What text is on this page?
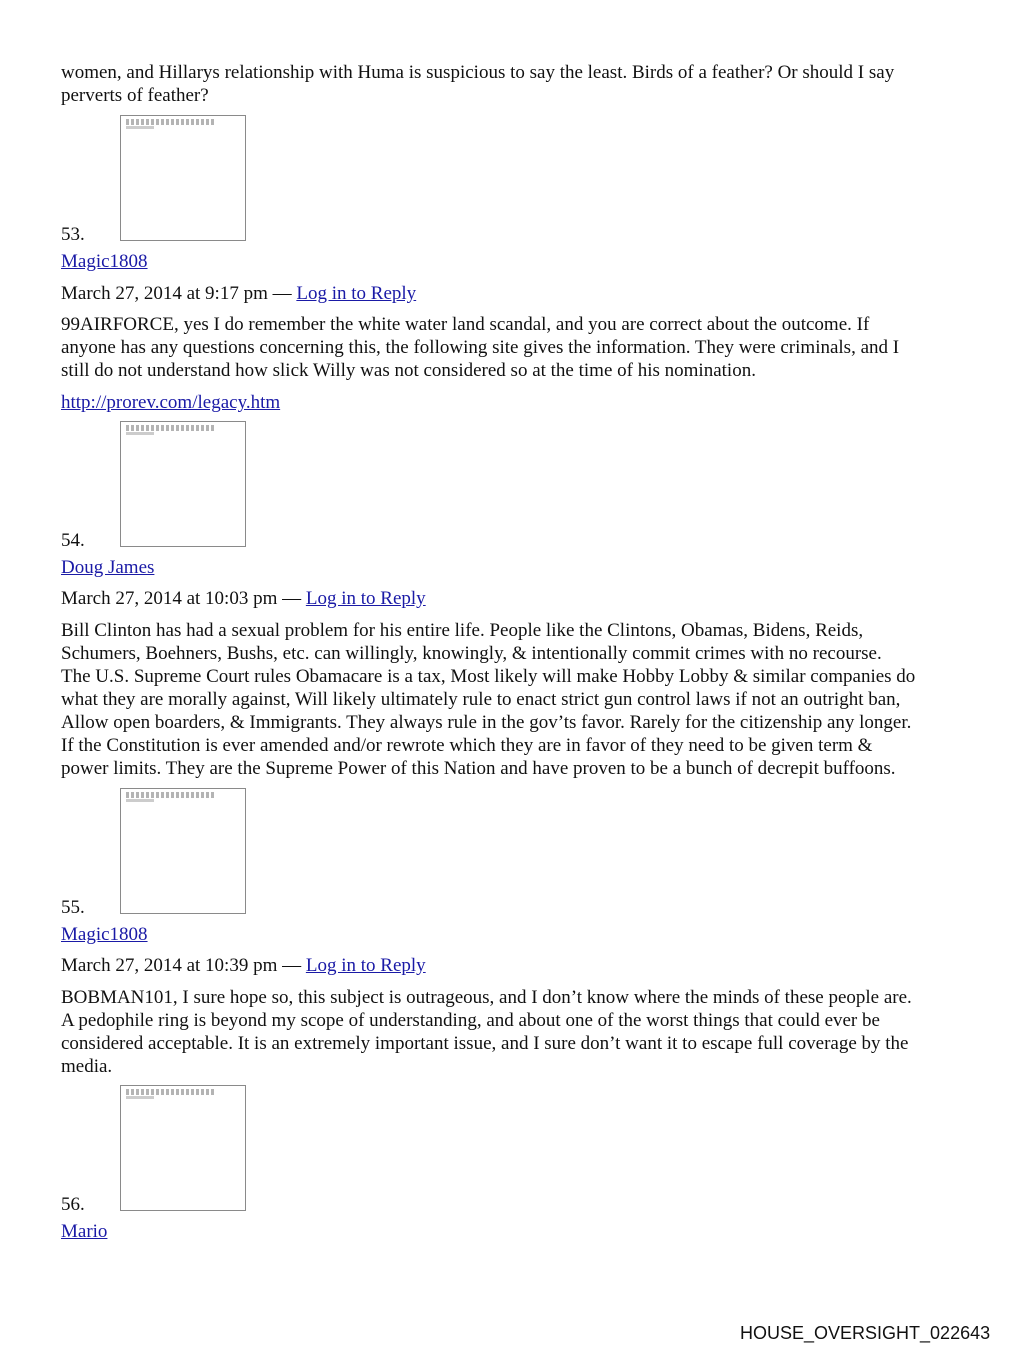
women, and Hillarys relationship with Huma is suspicious to say the least. Birds of a feather? Or should I say
perverts of feather?
53.
Magic1808
March 27, 2014 at 9:17 pm — Log in to Reply
99AIRFORCE, yes I do remember the white water land scandal, and you are correct about the outcome. If
anyone has any questions concerning this, the following site gives the information. They were criminals, and I
still do not understand how slick Willy was not considered so at the time of his nomination.
http://prorev.com/legacy.htm
54.
Doug James
March 27, 2014 at 10:03 pm — Log in to Reply
Bill Clinton has had a sexual problem for his entire life. People like the Clintons, Obamas, Bidens, Reids,
Schumers, Boehners, Bushs, etc. can willingly, knowingly, & intentionally commit crimes with no recourse.
The U.S. Supreme Court rules Obamacare is a tax, Most likely will make Hobby Lobby & similar companies do
what they are morally against, Will likely ultimately rule to enact strict gun control laws if not an outright ban,
Allow open boarders, & Immigrants. They always rule in the gov’ts favor. Rarely for the citizenship any longer.
If the Constitution is ever amended and/or rewrote which they are in favor of they need to be given term &
power limits. They are the Supreme Power of this Nation and have proven to be a bunch of decrepit buffoons.
55.
Magic1808
March 27, 2014 at 10:39 pm — Log in to Reply
BOBMAN101, I sure hope so, this subject is outrageous, and I don’t know where the minds of these people are.
A pedophile ring is beyond my scope of understanding, and about one of the worst things that could ever be
considered acceptable. It is an extremely important issue, and I sure don’t want it to escape full coverage by the
media.
56.
Mario
HOUSE_OVERSIGHT_022643
